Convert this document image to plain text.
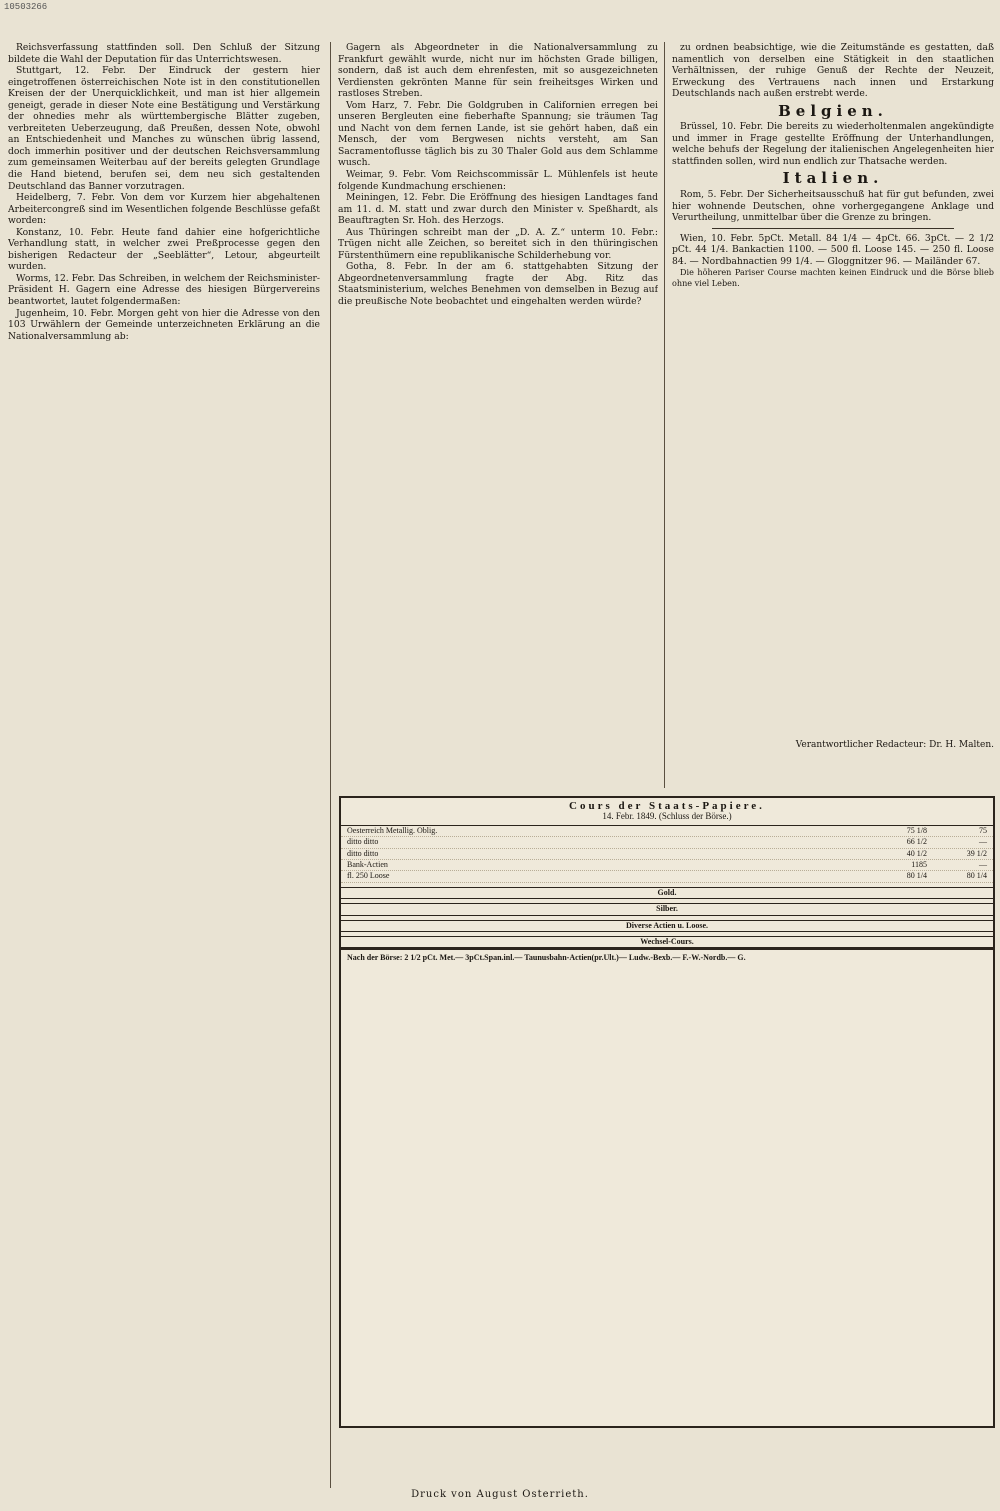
10503266

Reichsverfassung stattfinden soll. Den Schluß der Sitzung bildete die Wahl der Deputation für das Unterrichtswesen.

Stuttgart, 12. Febr. Der Eindruck der gestern hier eingetroffenen österreichischen Note ist in den constitutionellen Kreisen der der Unerquicklichkeit, und man ist hier allgemein geneigt, gerade in dieser Note eine Bestätigung und Verstärkung der ohnedies mehr als württembergische Blätter zugeben, verbreiteten Ueberzeugung, daß Preußen, dessen Note, obwohl an Entschiedenheit und Manches zu wünschen übrig lassend, doch immerhin positiver und der deutschen Reichsversammlung zum gemeinsamen Weiterbau auf der bereits gelegten Grundlage die Hand bietend, berufen sei, dem neu sich gestaltenden Deutschland das Banner vorzutragen.

Heidelberg, 7. Febr. Von dem vor Kurzem hier abgehaltenen Arbeitercongreß sind im Wesentlichen folgende Beschlüsse gefaßt worden:

Konstanz, 10. Febr. Heute fand dahier eine hofgerichtliche Verhandlung statt, in welcher zwei Preßprocesse gegen den bisherigen Redacteur der „Seeblätter“, Letour, abgeurteilt wurden.

Worms, 12. Febr. Das Schreiben, in welchem der Reichsminister-Präsident H. Gagern eine Adresse des hiesigen Bürgervereins beantwortet, lautet folgendermaßen:

Jugenheim, 10. Febr. Morgen geht von hier die Adresse von den 103 Urwählern der Gemeinde unterzeichneten Erklärung an die Nationalversammlung ab:

Gagern als Abgeordneter in die Nationalversammlung zu Frankfurt gewählt wurde, nicht nur im höchsten Grade billigen, sondern, daß ist auch dem ehrenfesten, mit so ausgezeichneten Verdiensten gekrönten Manne für sein freiheitsges Wirken und rastloses Streben.

Vom Harz, 7. Febr. Die Goldgruben in Californien erregen bei unseren Bergleuten eine fieberhafte Spannung; sie träumen Tag und Nacht von dem fernen Lande, ist sie gehört haben, daß ein Mensch, der vom Bergwesen nichts versteht, am San Sacramentoflusse täglich bis zu 30 Thaler Gold aus dem Schlamme wusch.

Weimar, 9. Febr. Vom Reichscommissär L. Mühlenfels ist heute folgende Kundmachung erschienen:

Meiningen, 12. Febr. Die Eröffnung des hiesigen Landtages fand am 11. d. M. statt und zwar durch den Minister v. Speßhardt, als Beauftragten Sr. Hoh. des Herzogs.

Aus Thüringen schreibt man der „D. A. Z.“ unterm 10. Febr.: Trügen nicht alle Zeichen, so bereitet sich in den thüringischen Fürstenthümern eine republikanische Schilderhebung vor.

Gotha, 8. Febr. In der am 6. stattgehabten Sitzung der Abgeordnetenversammlung fragte der Abg. Ritz das Staatsministerium, welches Benehmen von demselben in Bezug auf die preußische Note beobachtet und eingehalten werden würde?

zu ordnen beabsichtige, wie die Zeitumstände es gestatten, daß namentlich von derselben eine Stätigkeit in den staatlichen Verhältnissen, der ruhige Genuß der Rechte der Neuzeit, Erweckung des Vertrauens nach innen und Erstarkung Deutschlands nach außen erstrebt werde.

Belgien.

Brüssel, 10. Febr. Die bereits zu wiederholtenmalen angekündigte und immer in Frage gestellte Eröffnung der Unterhandlungen, welche behufs der Regelung der italienischen Angelegenheiten hier stattfinden sollen, wird nun endlich zur Thatsache werden.

Italien.

Rom, 5. Febr. Der Sicherheitsausschuß hat für gut befunden, zwei hier wohnende Deutschen, ohne vorhergegangene Anklage und Verurtheilung, unmittelbar über die Grenze zu bringen.

Wien, 10. Febr. 5pCt. Metall. 84 1/4 — 4pCt. 66. 3pCt. — 2 1/2 pCt. 44 1/4. Bankactien 1100. — 500 fl. Loose 145. — 250 fl. Loose 84. — Nordbahnactien 99 1/4. — Gloggnitzer 96. — Mailänder 67.

Die höheren Pariser Course machten keinen Eindruck und die Börse blieb ohne viel Leben.

Verantwortlicher Redacteur: Dr. H. Malten.
Cours der Staats-Papiere.
14. Febr. 1849. (Schluss der Börse.)
Oesterreich Metallig. Oblig.	75 1/8	75
ditto ditto	66 1/2	—
ditto ditto	40 1/2	39 1/2
Bank-Actien	1185	—
fl. 250 Loose	80 1/4	80 1/4
Gold.
Silber.
Diverse Actien u. Loose.
Wechsel-Cours.
Nach der Börse: 2 1/2 pCt. Met.— 3pCt.Span.inl.— Taunusbahn-Actien(pr.Ult.)— Ludw.-Bexb.— F.-W.-Nordb.— G.
Druck von August Osterrieth.
